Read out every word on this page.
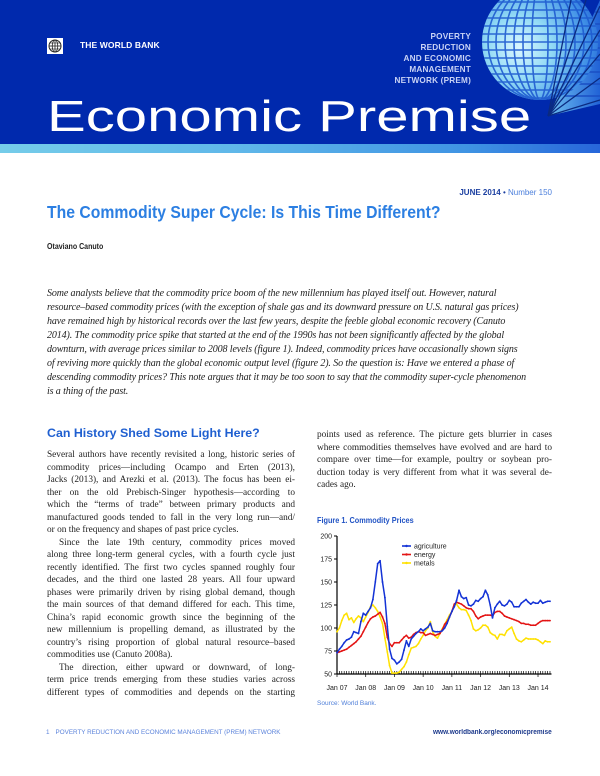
THE WORLD BANK
POVERTY
REDUCTION
AND ECONOMIC
MANAGEMENT
NETWORK (PREM)
Economic Premise
JUNE 2014 • Number 150
The Commodity Super Cycle: Is This Time Different?
Otaviano Canuto
Some analysts believe that the commodity price boom of the new millennium has played itself out. However, natural
resource–based commodity prices (with the exception of shale gas and its downward pressure on U.S. natural gas prices)
have remained high by historical records over the last few years, despite the feeble global economic recovery (Canuto
2014). The commodity price spike that started at the end of the 1990s has not been significantly affected by the global
downturn, with average prices similar to 2008 levels (figure 1). Indeed, commodity prices have occasionally shown signs
of reviving more quickly than the global economic output level (figure 2). So the question is: Have we entered a phase of
descending commodity prices? This note argues that it may be too soon to say that the commodity super-cycle phenomenon
is a thing of the past.
Can History Shed Some Light Here?
Several authors have recently revisited a long, historic series of
commodity prices—including Ocampo and Erten (2013),
Jacks (2013), and Arezki et al. (2013). The focus has been ei-
ther on the old Prebisch-Singer hypothesis—according to
which the “terms of trade” between primary products and
manufactured goods tended to fall in the very long run—and/
or on the frequency and shapes of past price cycles.
Since the late 19th century, commodity prices moved
along three long-term general cycles, with a fourth cycle just
recently identified. The first two cycles spanned roughly four
decades, and the third one lasted 28 years. All four upward
phases were primarily driven by rising global demand, though
the main sources of that demand differed for each. This time,
China’s rapid economic growth since the beginning of the
new millennium is propelling demand, as illustrated by the
country’s rising proportion of global natural resource–based
commodities use (Canuto 2008a).
The direction, either upward or downward, of long-
term price trends emerging from these studies varies across
different types of commodities and depends on the starting
points used as reference. The picture gets blurrier in cases
where commodities themselves have evolved and are hard to
compare over time—for example, poultry or soybean pro-
duction today is very different from what it was several de-
cades ago.
Figure 1. Commodity Prices
50
75
100
125
150
175
200
Jan 07 Jan 08 Jan 09 Jan 10 Jan 11 Jan 12 Jan 13 Jan 14
agriculture
energy
metals
Source: World Bank.
1 POVERTY REDUCTION AND ECONOMIC MANAGEMENT (PREM) NETWORK	www.worldbank.org/economicpremise
